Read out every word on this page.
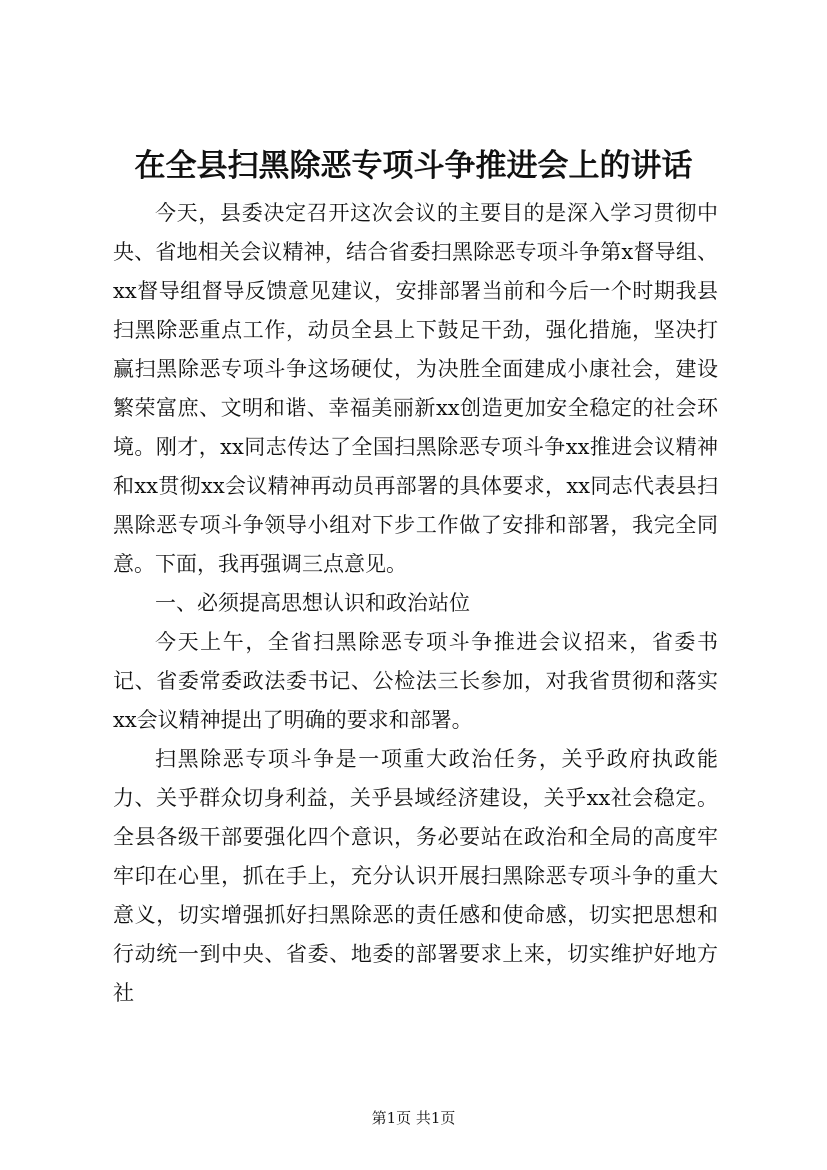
在全县扫黑除恶专项斗争推进会上的讲话

今天，县委决定召开这次会议的主要目的是深入学习贯彻中央、省地相关会议精神，结合省委扫黑除恶专项斗争第x督导组、xx督导组督导反馈意见建议，安排部署当前和今后一个时期我县扫黑除恶重点工作，动员全县上下鼓足干劲，强化措施，坚决打赢扫黑除恶专项斗争这场硬仗，为决胜全面建成小康社会，建设繁荣富庶、文明和谐、幸福美丽新xx创造更加安全稳定的社会环境。刚才，xx同志传达了全国扫黑除恶专项斗争xx推进会议精神和xx贯彻xx会议精神再动员再部署的具体要求，xx同志代表县扫黑除恶专项斗争领导小组对下步工作做了安排和部署，我完全同意。下面，我再强调三点意见。

一、必须提高思想认识和政治站位

今天上午，全省扫黑除恶专项斗争推进会议招来，省委书记、省委常委政法委书记、公检法三长参加，对我省贯彻和落实xx会议精神提出了明确的要求和部署。

扫黑除恶专项斗争是一项重大政治任务，关乎政府执政能力、关乎群众切身利益，关乎县域经济建设，关乎xx社会稳定。全县各级干部要强化四个意识，务必要站在政治和全局的高度牢牢印在心里，抓在手上，充分认识开展扫黑除恶专项斗争的重大意义，切实增强抓好扫黑除恶的责任感和使命感，切实把思想和行动统一到中央、省委、地委的部署要求上来，切实维护好地方社

第1页 共1页
